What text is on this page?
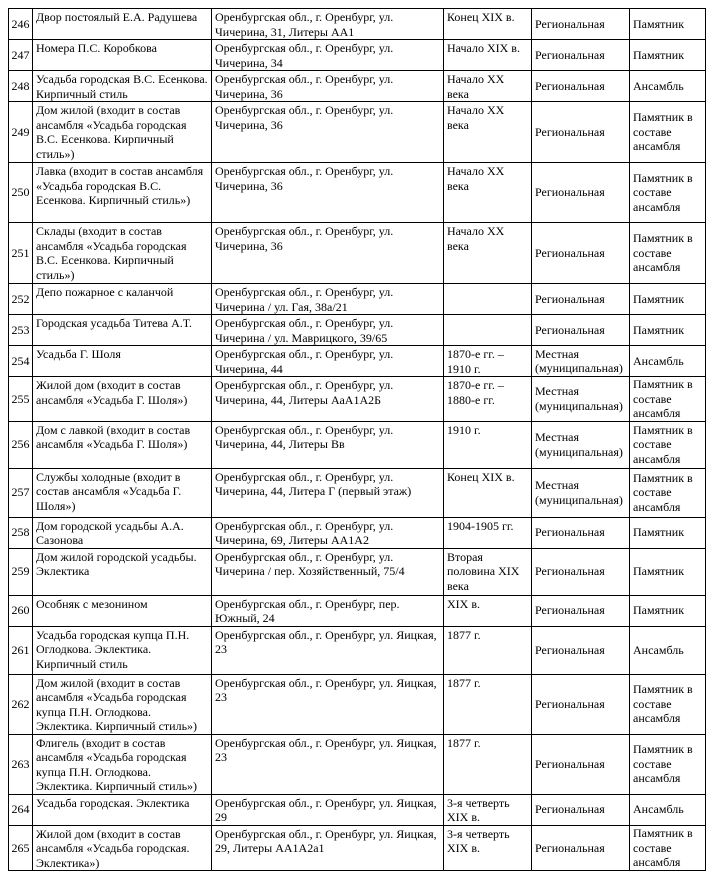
246	Двор постоялый Е.А. Радушева	Оренбургская обл., г. Оренбург, ул. Чичерина, 31, Литеры АА1	Конец XIX в.	Региональная	Памятник
247	Номера П.С. Коробкова	Оренбургская обл., г. Оренбург, ул. Чичерина, 34	Начало XIX в.	Региональная	Памятник
248	Усадьба городская В.С. Есенкова. Кирпичный стиль	Оренбургская обл., г. Оренбург, ул. Чичерина, 36	Начало XX века	Региональная	Ансамбль
249	Дом жилой (входит в состав ансамбля «Усадьба городская В.С. Есенкова. Кирпичный стиль»)	Оренбургская обл., г. Оренбург, ул. Чичерина, 36	Начало XX века	Региональная	Памятник в составе ансамбля
250	Лавка (входит в состав ансамбля «Усадьба городская В.С. Есенкова. Кирпичный стиль»)	Оренбургская обл., г. Оренбург, ул. Чичерина, 36	Начало XX века	Региональная	Памятник в составе ансамбля
251	Склады (входит в состав ансамбля «Усадьба городская В.С. Есенкова. Кирпичный стиль»)	Оренбургская обл., г. Оренбург, ул. Чичерина, 36	Начало XX века	Региональная	Памятник в составе ансамбля
252	Депо пожарное с каланчой	Оренбургская обл., г. Оренбург, ул. Чичерина / ул. Гая, 38а/21		Региональная	Памятник
253	Городская усадьба Титева А.Т.	Оренбургская обл., г. Оренбург, ул. Чичерина / ул. Маврицкого, 39/65		Региональная	Памятник
254	Усадьба Г. Шоля	Оренбургская обл., г. Оренбург, ул. Чичерина, 44	1870-е гг. – 1910 г.	Местная (муниципальная)	Ансамбль
255	Жилой дом (входит в состав ансамбля «Усадьба Г. Шоля»)	Оренбургская обл., г. Оренбург, ул. Чичерина, 44, Литеры АаА1А2Б	1870-е гг. – 1880-е гг.	Местная (муниципальная)	Памятник в составе ансамбля
256	Дом с лавкой (входит в состав ансамбля «Усадьба Г. Шоля»)	Оренбургская обл., г. Оренбург, ул. Чичерина, 44, Литеры Вв	1910 г.	Местная (муниципальная)	Памятник в составе ансамбля
257	Службы холодные (входит в состав ансамбля «Усадьба Г. Шоля»)	Оренбургская обл., г. Оренбург, ул. Чичерина, 44, Литера Г (первый этаж)	Конец XIX в.	Местная (муниципальная)	Памятник в составе ансамбля
258	Дом городской усадьбы А.А. Сазонова	Оренбургская обл., г. Оренбург, ул. Чичерина, 69, Литеры АА1А2	1904-1905 гг.	Региональная	Памятник
259	Дом жилой городской усадьбы. Эклектика	Оренбургская обл., г. Оренбург, ул. Чичерина / пер. Хозяйственный, 75/4	Вторая половина XIX века	Региональная	Памятник
260	Особняк с мезонином	Оренбургская обл., г. Оренбург, пер. Южный, 24	XIX в.	Региональная	Памятник
261	Усадьба городская купца П.Н. Оглодкова. Эклектика. Кирпичный стиль	Оренбургская обл., г. Оренбург, ул. Яицкая, 23	1877 г.	Региональная	Ансамбль
262	Дом жилой (входит в состав ансамбля «Усадьба городская купца П.Н. Оглодкова. Эклектика. Кирпичный стиль»)	Оренбургская обл., г. Оренбург, ул. Яицкая, 23	1877 г.	Региональная	Памятник в составе ансамбля
263	Флигель (входит в состав ансамбля «Усадьба городская купца П.Н. Оглодкова. Эклектика. Кирпичный стиль»)	Оренбургская обл., г. Оренбург, ул. Яицкая, 23	1877 г.	Региональная	Памятник в составе ансамбля
264	Усадьба городская. Эклектика	Оренбургская обл., г. Оренбург, ул. Яицкая, 29	3-я четверть XIX в.	Региональная	Ансамбль
265	Жилой дом (входит в состав ансамбля «Усадьба городская. Эклектика»)	Оренбургская обл., г. Оренбург, ул. Яицкая, 29, Литеры АА1А2а1	3-я четверть XIX в.	Региональная	Памятник в составе ансамбля
